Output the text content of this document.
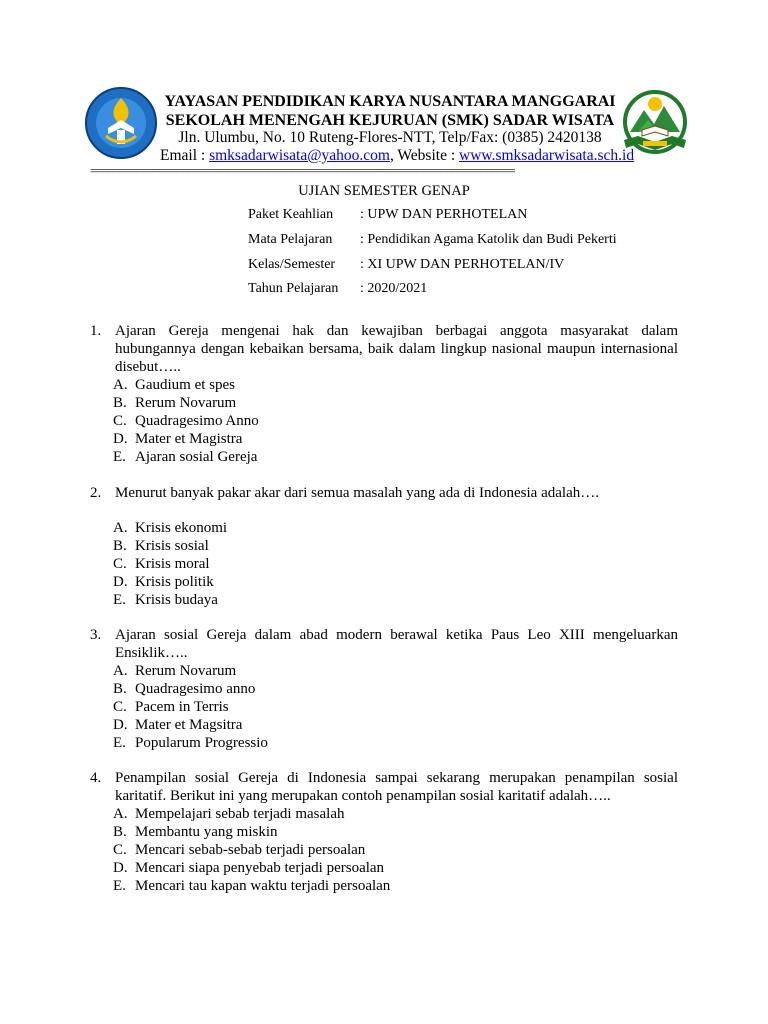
YAYASAN PENDIDIKAN KARYA NUSANTARA MANGGARAI
SEKOLAH MENENGAH KEJURUAN (SMK) SADAR WISATA
Jln. Ulumbu, No. 10 Ruteng-Flores-NTT, Telp/Fax: (0385) 2420138
Email : smksadarwisata@yahoo.com, Website : www.smksadarwisata.sch.id
==========================================================================
UJIAN SEMESTER GENAP
Paket Keahlian : UPW DAN PERHOTELAN
Mata Pelajaran : Pendidikan Agama Katolik dan Budi Pekerti
Kelas/Semester : XI UPW DAN PERHOTELAN/IV
Tahun Pelajaran : 2020/2021
1. Ajaran Gereja mengenai hak dan kewajiban berbagai anggota masyarakat dalam hubungannya dengan kebaikan bersama, baik dalam lingkup nasional maupun internasional disebut…..
A. Gaudium et spes
B. Rerum Novarum
C. Quadragesimo Anno
D. Mater et Magistra
E. Ajaran sosial Gereja
2. Menurut banyak pakar akar dari semua masalah yang ada di Indonesia adalah….
A. Krisis ekonomi
B. Krisis sosial
C. Krisis moral
D. Krisis politik
E. Krisis budaya
3. Ajaran sosial Gereja dalam abad modern berawal ketika Paus Leo XIII mengeluarkan Ensiklik…..
A. Rerum Novarum
B. Quadragesimo anno
C. Pacem in Terris
D. Mater et Magsitra
E. Popularum Progressio
4. Penampilan sosial Gereja di Indonesia sampai sekarang merupakan penampilan sosial karitatif. Berikut ini yang merupakan contoh penampilan sosial karitatif adalah…..
A. Mempelajari sebab terjadi masalah
B. Membantu yang miskin
C. Mencari sebab-sebab terjadi persoalan
D. Mencari siapa penyebab terjadi persoalan
E. Mencari tau kapan waktu terjadi persoalan
